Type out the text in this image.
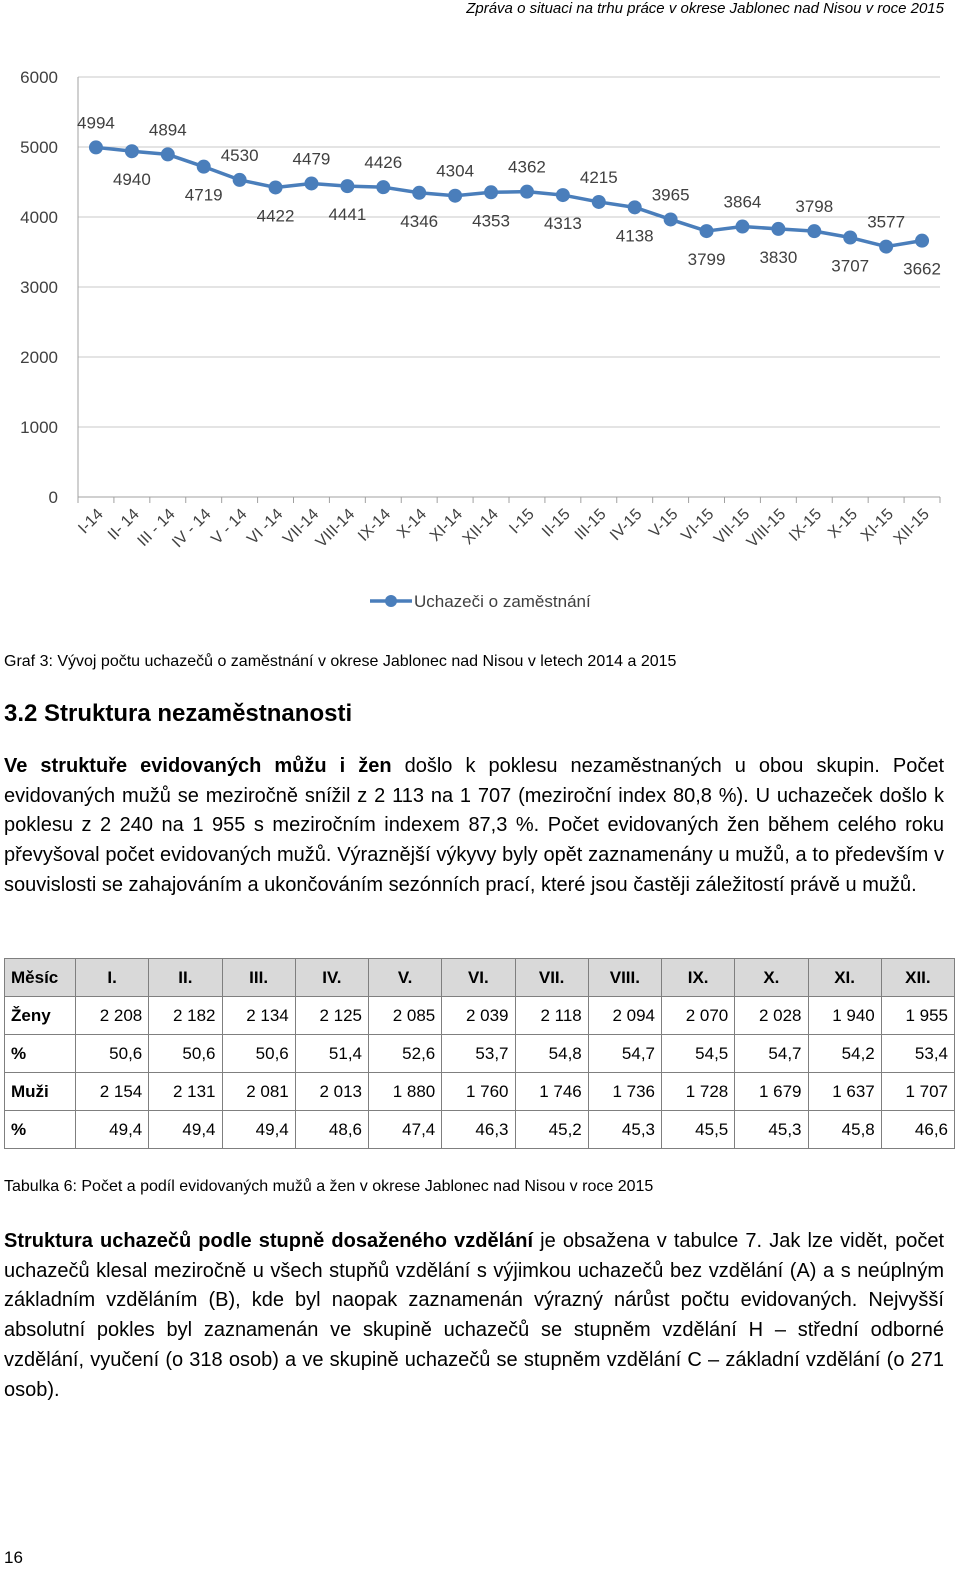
Zpráva o situaci na trhu práce v okrese Jablonec nad Nisou v roce 2015
0
1000
2000
3000
4000
5000
6000
I-14
II- 14
III - 14
IV - 14
V - 14
VI -14
VII-14
VIII-14
IX-14 X-14
XI-14
XII-14 I-15 II-15
III-15
IV-15 V-15
VI-15
VII-15
VIII-15
IX-15 X-15
XI-15
XII-15
4994
4940
4894
4719
4530
4422
4479
4441
4426
4346
4304
4353
4362
4313
4215
4138
3965
3799
3864
3830
3798
3707
3577
3662
Uchazeči o zaměstnání
Graf 3: Vývoj počtu uchazečů o zaměstnání v okrese Jablonec nad Nisou v letech 2014 a 2015
3.2 Struktura nezaměstnanosti
Ve struktuře evidovaných můžu i žen došlo k poklesu nezaměstnaných u obou skupin. Počet evidovaných mužů se meziročně snížil z 2 113 na 1 707 (meziroční index 80,8 %). U uchazeček došlo k poklesu z 2 240 na 1 955 s meziročním indexem 87,3 %. Počet evidovaných žen během celého roku převyšoval počet evidovaných mužů. Výraznější výkyvy byly opět zaznamenány u mužů, a to především v souvislosti se zahajováním a ukončováním sezónních prací, které jsou častěji záležitostí právě u mužů.
Měsíc	I.	II.	III.	IV.	V.	VI.	VII.	VIII.	IX.	X.	XI.	XII.
Ženy	2 208	2 182	2 134	2 125	2 085	2 039	2 118	2 094	2 070	2 028	1 940	1 955
%	50,6	50,6	50,6	51,4	52,6	53,7	54,8	54,7	54,5	54,7	54,2	53,4
Muži	2 154	2 131	2 081	2 013	1 880	1 760	1 746	1 736	1 728	1 679	1 637	1 707
%	49,4	49,4	49,4	48,6	47,4	46,3	45,2	45,3	45,5	45,3	45,8	46,6
Tabulka 6: Počet a podíl evidovaných mužů a žen v okrese Jablonec nad Nisou v roce 2015
Struktura uchazečů podle stupně dosaženého vzdělání je obsažena v tabulce 7. Jak lze vidět, počet uchazečů klesal meziročně u všech stupňů vzdělání s výjimkou uchazečů bez vzdělání (A) a s neúplným základním vzděláním (B), kde byl naopak zaznamenán výrazný nárůst počtu evidovaných. Nejvyšší absolutní pokles byl zaznamenán ve skupině uchazečů se stupněm vzdělání H – střední odborné vzdělání, vyučení (o 318 osob) a ve skupině uchazečů se stupněm vzdělání C – základní vzdělání (o 271 osob).
16
